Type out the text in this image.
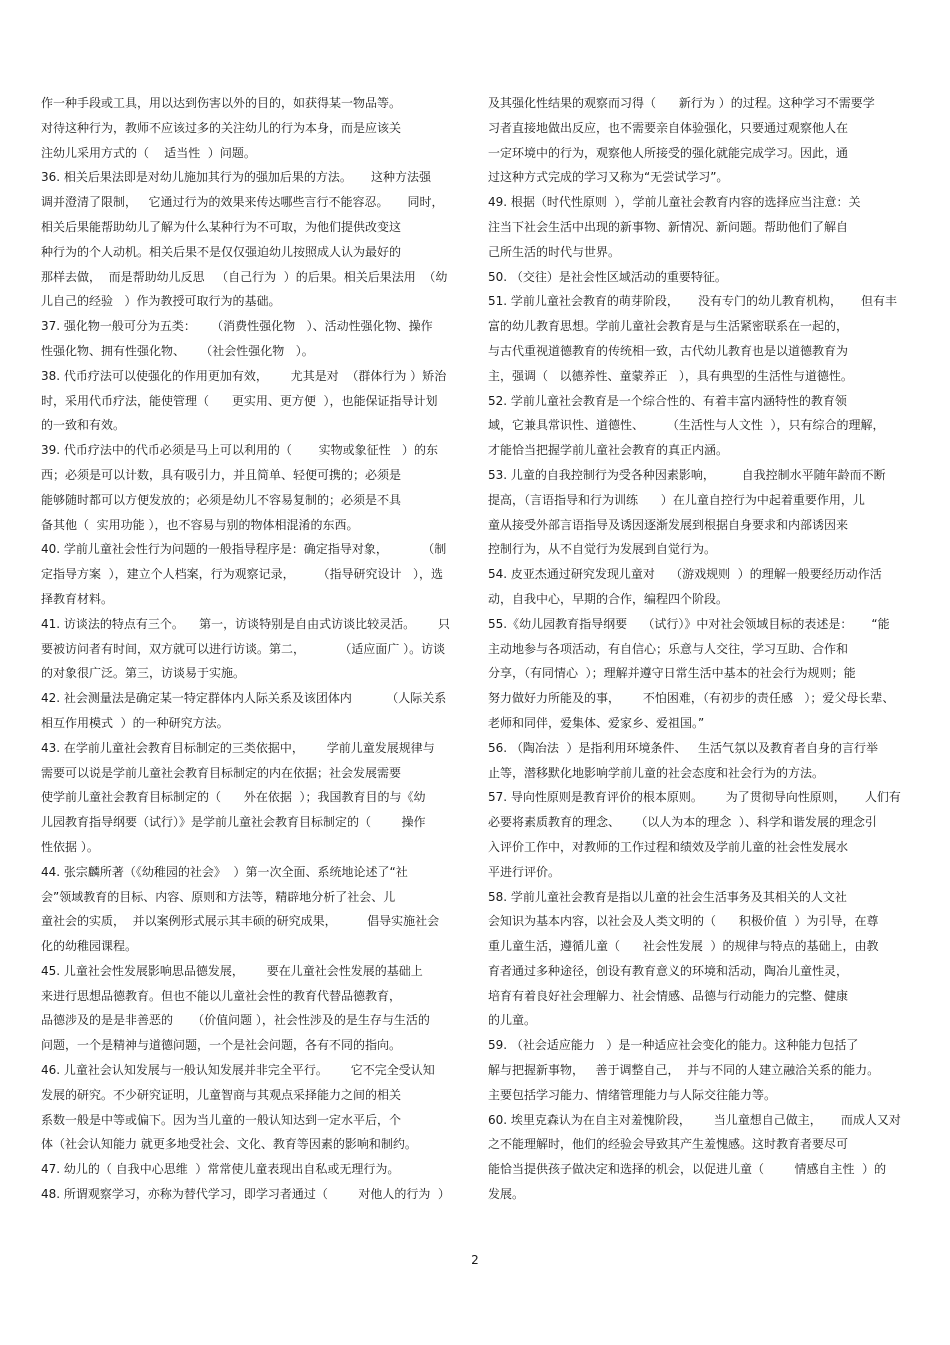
作一种手段或工具，用以达到伤害以外的目的，如获得某一物品等。
对待这种行为，教师不应该过多的关注幼儿的行为本身，而是应该关
注幼儿采用方式的（    适当性  ）问题。
36. 相关后果法即是对幼儿施加其行为的强加后果的方法。     这种方法强
调并澄清了限制，   它通过行为的效果来传达哪些言行不能容忍。     同时，
相关后果能帮助幼儿了解为什么某种行为不可取，为他们提供改变这
种行为的个人动机。相关后果不是仅仅强迫幼儿按照成人认为最好的
那样去做，  而是帮助幼儿反思   （自己行为  ）的后果。相关后果法用  （幼
儿自己的经验   ）作为教授可取行为的基础。
37. 强化物一般可分为五类：    （消费性强化物   ）、活动性强化物、操作
性强化物、拥有性强化物、    （社会性强化物   ）。
38. 代币疗法可以使强化的作用更加有效，      尤其是对  （群体行为 ）矫治
时，采用代币疗法，能使管理（      更实用、更方便  ），也能保证指导计划
的一致和有效。
39. 代币疗法中的代币必须是马上可以利用的（       实物或象征性   ）的东
西；必须是可以计数，具有吸引力，并且简单、轻便可携的；必须是
能够随时都可以方便发放的；必须是幼儿不容易复制的；必须是不具
备其他（  实用功能 ），也不容易与别的物体相混淆的东西。
40. 学前儿童社会性行为问题的一般指导程序是：确定指导对象，         （制
定指导方案  ），建立个人档案，行为观察记录，      （指导研究设计   ），选
择教育材料。
41. 访谈法的特点有三个。    第一，访谈特别是自由式访谈比较灵活。      只
要被访问者有时间，双方就可以进行访谈。第二，         （适应面广 ）。访谈
的对象很广泛。第三，访谈易于实施。
42. 社会测量法是确定某一特定群体内人际关系及该团体内         （人际关系
相互作用模式  ）的一种研究方法。
43. 在学前儿童社会教育目标制定的三类依据中，      学前儿童发展规律与
需要可以说是学前儿童社会教育目标制定的内在依据；社会发展需要
使学前儿童社会教育目标制定的（      外在依据  ）；我国教育目的与《幼
儿园教育指导纲要（试行）》是学前儿童社会教育目标制定的（        操作
性依据 ）。
44. 张宗麟所著（《幼稚园的社会》  ）第一次全面、系统地论述了“社
会”领域教育的目标、内容、原则和方法等，精辟地分析了社会、儿
童社会的实质，  并以案例形式展示其丰硕的研究成果，        倡导实施社会
化的幼稚园课程。
45. 儿童社会性发展影响思品德发展，      要在儿童社会性发展的基础上
来进行思想品德教育。但也不能以儿童社会性的教育代替品德教育，
品德涉及的是是非善恶的     （价值问题 ），社会性涉及的是生存与生活的
问题，一个是精神与道德问题，一个是社会问题，各有不同的指向。
46. 儿童社会认知发展与一般认知发展并非完全平行。      它不完全受认知
发展的研究。不少研究证明，儿童智商与其观点采择能力之间的相关
系数一般是中等或偏下。因为当儿童的一般认知达到一定水平后，个
体（社会认知能力 就更多地受社会、文化、教育等因素的影响和制约。
47. 幼儿的（ 自我中心思维  ）常常使儿童表现出自私或无理行为。
48. 所谓观察学习，亦称为替代学习，即学习者通过（        对他人的行为  ）
及其强化性结果的观察而习得（      新行为 ）的过程。这种学习不需要学
习者直接地做出反应，也不需要亲自体验强化，只要通过观察他人在
一定环境中的行为，观察他人所接受的强化就能完成学习。因此，通
过这种方式完成的学习又称为“无尝试学习”。
49. 根据（时代性原则  ），学前儿童社会教育内容的选择应当注意：关
注当下社会生活中出现的新事物、新情况、新问题。帮助他们了解自
己所生活的时代与世界。
50. （交往）是社会性区域活动的重要特征。
51. 学前儿童社会教育的萌芽阶段，     没有专门的幼儿教育机构，     但有丰
富的幼儿教育思想。学前儿童社会教育是与生活紧密联系在一起的，
与古代重视道德教育的传统相一致，古代幼儿教育也是以道德教育为
主，强调（   以德养性、童蒙养正   ），具有典型的生活性与道德性。
52. 学前儿童社会教育是一个综合性的、有着丰富内涵特性的教育领
域，它兼具常识性、道德性、      （生活性与人文性  ），只有综合的理解，
才能恰当把握学前儿童社会教育的真正内涵。
53. 儿童的自我控制行为受各种因素影响，       自我控制水平随年龄而不断
提高，（言语指导和行为训练      ）在儿童自控行为中起着重要作用，儿
童从接受外部言语指导及诱因逐渐发展到根据自身要求和内部诱因来
控制行为，从不自觉行为发展到自觉行为。
54. 皮亚杰通过研究发现儿童对    （游戏规则  ）的理解一般要经历动作活
动，自我中心，早期的合作，编程四个阶段。
55.《幼儿园教育指导纲要    （试行）》中对社会领域目标的表述是：     “能
主动地参与各项活动，有自信心；乐意与人交往，学习互助、合作和
分享，（有同情心  ）；理解并遵守日常生活中基本的社会行为规则；能
努力做好力所能及的事，      不怕困难，（有初步的责任感   ）；爱父母长辈、
老师和同伴，爱集体、爱家乡、爱祖国。”
56. （陶冶法  ）是指利用环境条件、   生活气氛以及教育者自身的言行举
止等，潜移默化地影响学前儿童的社会态度和社会行为的方法。
57. 导向性原则是教育评价的根本原则。      为了贯彻导向性原则，     人们有
必要将素质教育的理念、    （以人为本的理念  ）、科学和谐发展的理念引
入评价工作中，对教师的工作过程和绩效及学前儿童的社会性发展水
平进行评价。
58. 学前儿童社会教育是指以儿童的社会生活事务及其相关的人文社
会知识为基本内容，以社会及人类文明的（      积极价值  ）为引导，在尊
重儿童生活，遵循儿童（      社会性发展  ）的规律与特点的基础上，由教
育者通过多种途径，创设有教育意义的环境和活动，陶冶儿童性灵，
培育有着良好社会理解力、社会情感、品德与行动能力的完整、健康
的儿童。
59. （社会适应能力   ）是一种适应社会变化的能力。这种能力包括了
解与把握新事物，   善于调整自己，  并与不同的人建立融洽关系的能力。
主要包括学习能力、情绪管理能力与人际交往能力等。
60. 埃里克森认为在自主对羞愧阶段，      当儿童想自己做主，     而成人又对
之不能理解时，他们的经验会导致其产生羞愧感。这时教育者要尽可
能恰当提供孩子做决定和选择的机会，以促进儿童（        情感自主性  ）的
发展。
2
